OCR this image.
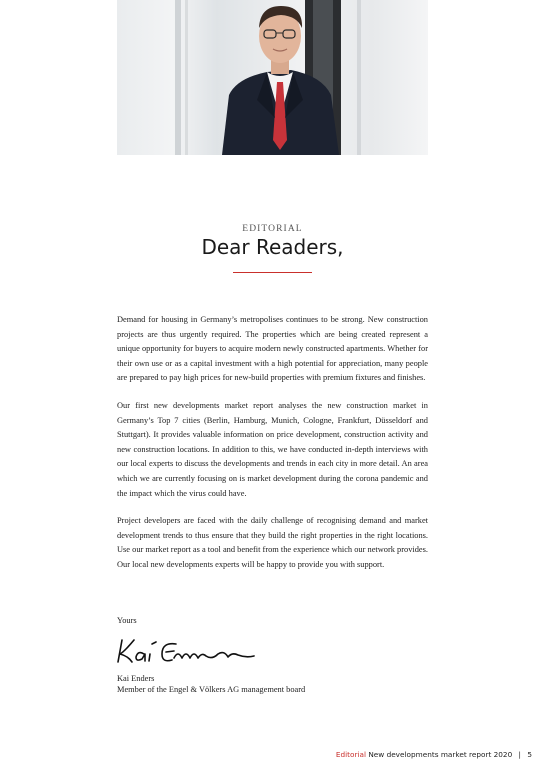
EDITORIAL
Dear Readers,

Demand for housing in Germany’s metropolises continues to be strong. New construction projects are thus urgently required. The properties which are being created represent a unique opportunity for buyers to acquire modern newly constructed apartments. Whether for their own use or as a capital investment with a high potential for appreciation, many people are prepared to pay high prices for new-build properties with premium fixtures and finishes.

Our first new developments market report analyses the new construction market in Germany’s Top 7 cities (Berlin, Hamburg, Munich, Cologne, Frankfurt, Düsseldorf and Stuttgart). It provides valuable information on price development, construction activity and new construction locations. In addition to this, we have conducted in-depth interviews with our local experts to discuss the developments and trends in each city in more detail. An area which we are currently focusing on is market development during the corona pandemic and the impact which the virus could have.

Project developers are faced with the daily challenge of recognising demand and market development trends to thus ensure that they build the right properties in the right locations. Use our market report as a tool and benefit from the experience which our network provides. Our local new developments experts will be happy to provide you with support.

Yours
Kai Enders
Member of the Engel & Völkers AG management board
Editorial New developments market report 2020 | 5
